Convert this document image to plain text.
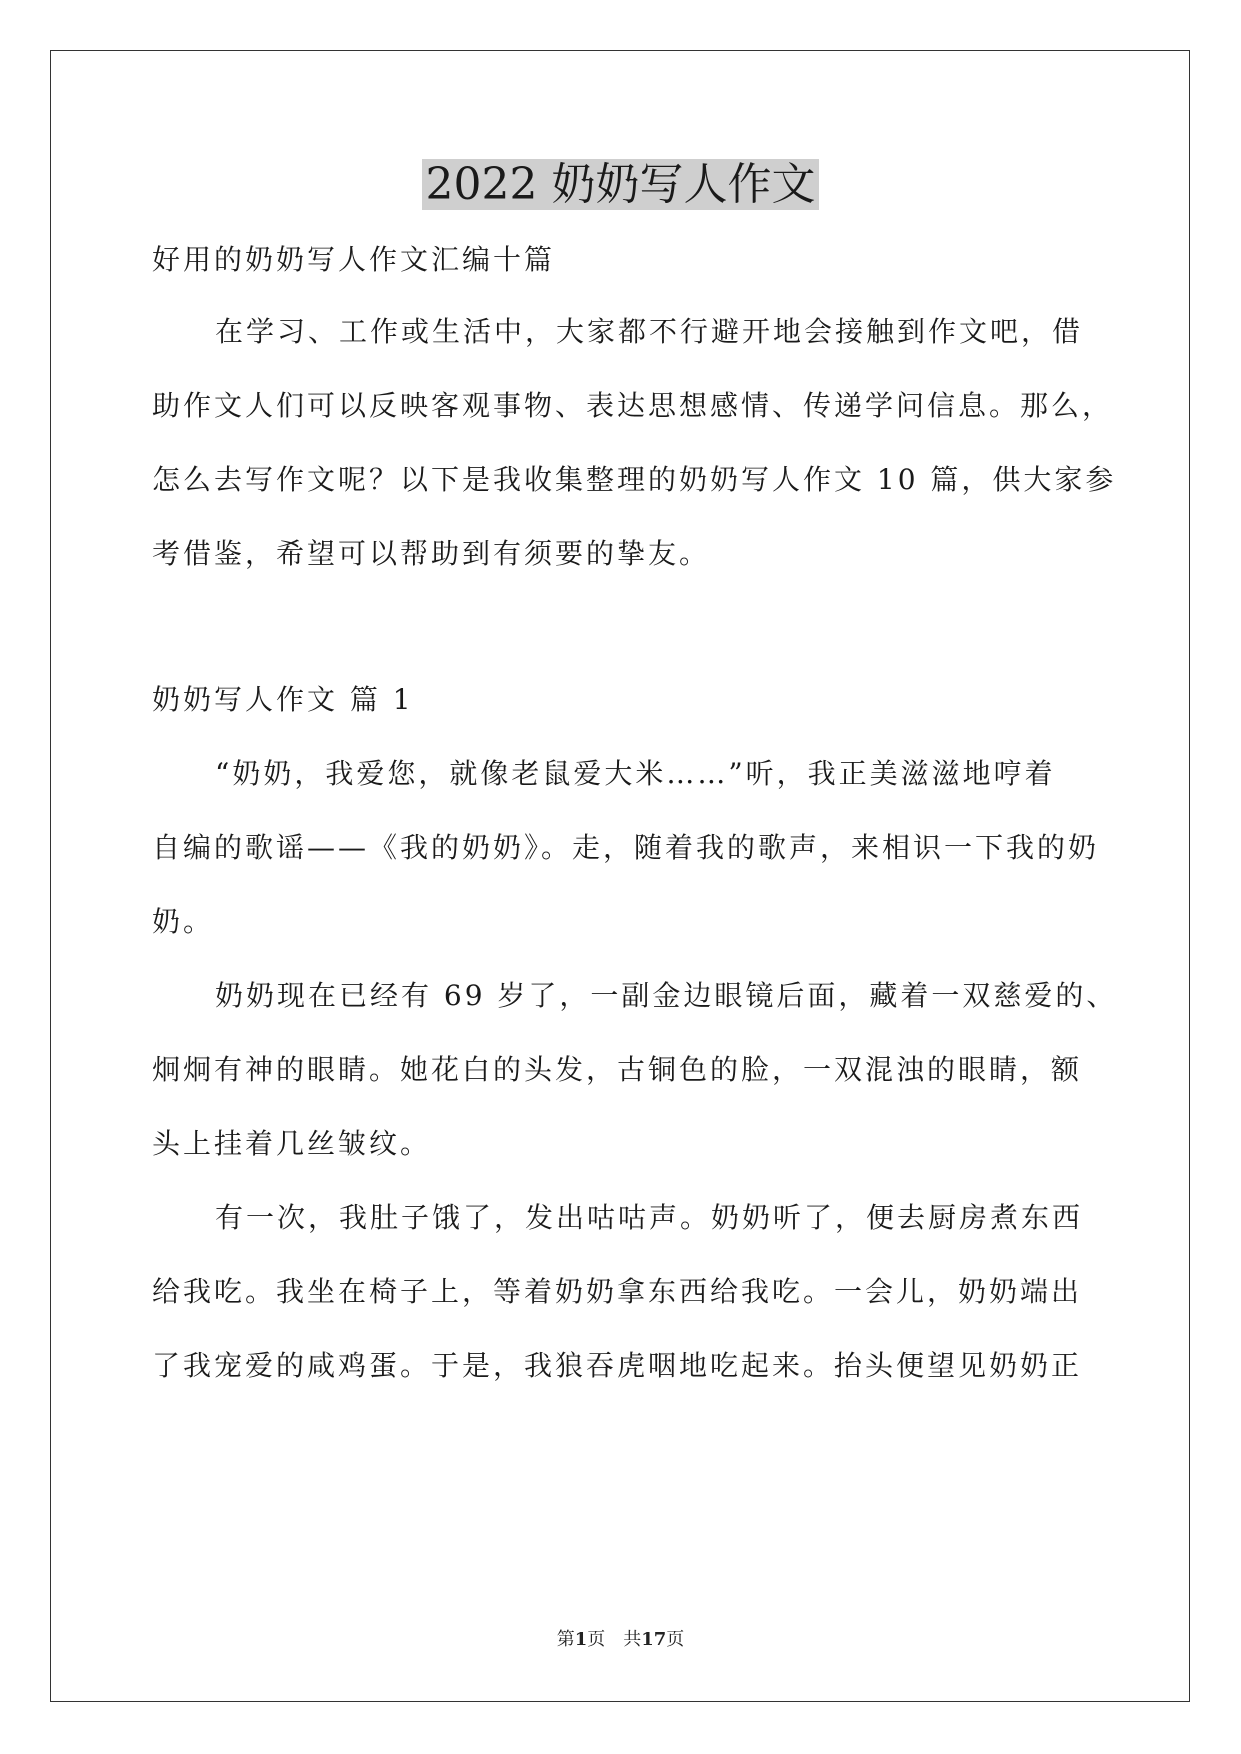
2022 奶奶写人作文
好用的奶奶写人作文汇编十篇
在学习、工作或生活中，大家都不行避开地会接触到作文吧，借
助作文人们可以反映客观事物、表达思想感情、传递学问信息。那么，
怎么去写作文呢？以下是我收集整理的奶奶写人作文 10 篇，供大家参
考借鉴，希望可以帮助到有须要的挚友。
奶奶写人作文 篇 1
“奶奶，我爱您，就像老鼠爱大米……”听，我正美滋滋地哼着
自编的歌谣——《我的奶奶》。走，随着我的歌声，来相识一下我的奶
奶。
奶奶现在已经有 69 岁了，一副金边眼镜后面，藏着一双慈爱的、
炯炯有神的眼睛。她花白的头发，古铜色的脸，一双混浊的眼睛，额
头上挂着几丝皱纹。
有一次，我肚子饿了，发出咕咕声。奶奶听了，便去厨房煮东西
给我吃。我坐在椅子上，等着奶奶拿东西给我吃。一会儿，奶奶端出
了我宠爱的咸鸡蛋。于是，我狼吞虎咽地吃起来。抬头便望见奶奶正
第1页　共17页
